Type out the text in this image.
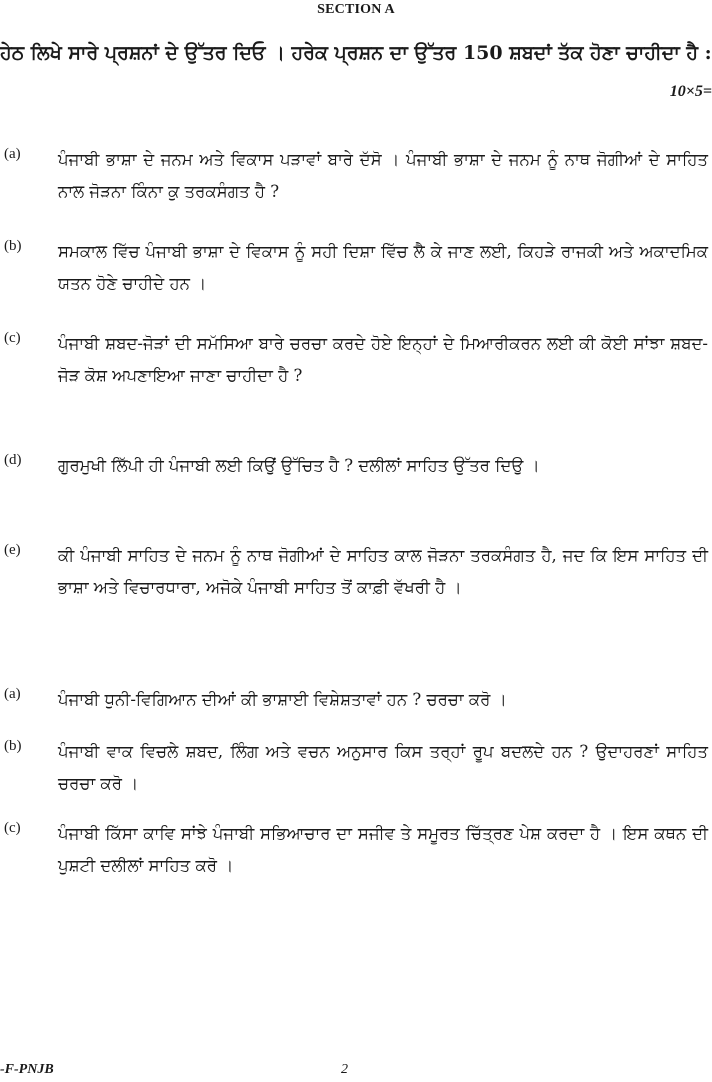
SECTION A
ਹੇਠ ਲਿਖੇ ਸਾਰੇ ਪ੍ਰਸ਼ਨਾਂ ਦੇ ਉੱਤਰ ਦਿਓ । ਹਰੇਕ ਪ੍ਰਸ਼ਨ ਦਾ ਉੱਤਰ 150 ਸ਼ਬਦਾਂ ਤੱਕ ਹੋਣਾ ਚਾਹੀਦਾ ਹੈ :
10×5=
(a) ਪੰਜਾਬੀ ਭਾਸ਼ਾ ਦੇ ਜਨਮ ਅਤੇ ਵਿਕਾਸ ਪੜਾਵਾਂ ਬਾਰੇ ਦੱਸੋ । ਪੰਜਾਬੀ ਭਾਸ਼ਾ ਦੇ ਜਨਮ ਨੂੰ ਨਾਥ ਜੋਗੀਆਂ ਦੇ ਸਾਹਿਤ ਨਾਲ ਜੋੜਨਾ ਕਿੰਨਾ ਕੁ ਤਰਕਸੰਗਤ ਹੈ ?
(b) ਸਮਕਾਲ ਵਿੱਚ ਪੰਜਾਬੀ ਭਾਸ਼ਾ ਦੇ ਵਿਕਾਸ ਨੂੰ ਸਹੀ ਦਿਸ਼ਾ ਵਿੱਚ ਲੈ ਕੇ ਜਾਣ ਲਈ, ਕਿਹੜੇ ਰਾਜਕੀ ਅਤੇ ਅਕਾਦਮਿਕ ਯਤਨ ਹੋਣੇ ਚਾਹੀਦੇ ਹਨ ।
(c) ਪੰਜਾਬੀ ਸ਼ਬਦ-ਜੋੜਾਂ ਦੀ ਸਮੱਸਿਆ ਬਾਰੇ ਚਰਚਾ ਕਰਦੇ ਹੋਏ ਇਨ੍ਹਾਂ ਦੇ ਮਿਆਰੀਕਰਨ ਲਈ ਕੀ ਕੋਈ ਸਾਂਝਾ ਸ਼ਬਦ-ਜੋੜ ਕੋਸ਼ ਅਪਣਾਇਆ ਜਾਣਾ ਚਾਹੀਦਾ ਹੈ ?
(d) ਗੁਰਮੁਖੀ ਲਿੱਪੀ ਹੀ ਪੰਜਾਬੀ ਲਈ ਕਿਉਂ ਉੱਚਿਤ ਹੈ ? ਦਲੀਲਾਂ ਸਾਹਿਤ ਉੱਤਰ ਦਿਉ ।
(e) ਕੀ ਪੰਜਾਬੀ ਸਾਹਿਤ ਦੇ ਜਨਮ ਨੂੰ ਨਾਥ ਜੋਗੀਆਂ ਦੇ ਸਾਹਿਤ ਕਾਲ ਜੋੜਨਾ ਤਰਕਸੰਗਤ ਹੈ, ਜਦ ਕਿ ਇਸ ਸਾਹਿਤ ਦੀ ਭਾਸ਼ਾ ਅਤੇ ਵਿਚਾਰਧਾਰਾ, ਅਜੋਕੇ ਪੰਜਾਬੀ ਸਾਹਿਤ ਤੋਂ ਕਾਫ਼ੀ ਵੱਖਰੀ ਹੈ ।
(a) ਪੰਜਾਬੀ ਧੁਨੀ-ਵਿਗਿਆਨ ਦੀਆਂ ਕੀ ਭਾਸ਼ਾਈ ਵਿਸ਼ੇਸ਼ਤਾਵਾਂ ਹਨ ? ਚਰਚਾ ਕਰੋ ।
(b) ਪੰਜਾਬੀ ਵਾਕ ਵਿਚਲੇ ਸ਼ਬਦ, ਲਿੰਗ ਅਤੇ ਵਚਨ ਅਨੁਸਾਰ ਕਿਸ ਤਰ੍ਹਾਂ ਰੂਪ ਬਦਲਦੇ ਹਨ ? ਉਦਾਹਰਣਾਂ ਸਾਹਿਤ ਚਰਚਾ ਕਰੋ ।
(c) ਪੰਜਾਬੀ ਕਿੱਸਾ ਕਾਵਿ ਸਾਂਝੇ ਪੰਜਾਬੀ ਸਭਿਆਚਾਰ ਦਾ ਸਜੀਵ ਤੇ ਸਮੂਰਤ ਚਿੱਤ੍ਰਣ ਪੇਸ਼ ਕਰਦਾ ਹੈ । ਇਸ ਕਥਨ ਦੀ ਪੁਸ਼ਟੀ ਦਲੀਲਾਂ ਸਾਹਿਤ ਕਰੋ ।
-F-PNJB	2
